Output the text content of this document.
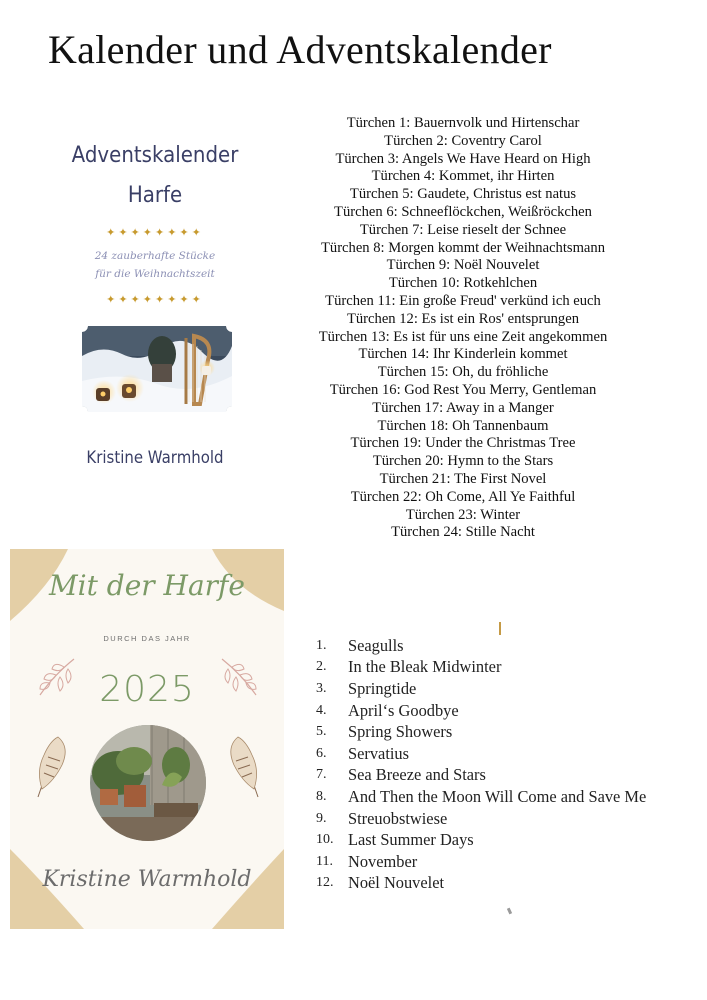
Kalender und Adventskalender
Adventskalender
Harfe
✦✦✦✦✦✦✦✦
24 zauberhafte Stücke
für die Weihnachtszeit
✦✦✦✦✦✦✦✦
Kristine Warmhold
Türchen 1: Bauernvolk und Hirtenschar
Türchen 2: Coventry Carol
Türchen 3: Angels We Have Heard on High
Türchen 4: Kommet, ihr Hirten
Türchen 5: Gaudete, Christus est natus
Türchen 6: Schneeflöckchen, Weißröckchen
Türchen 7: Leise rieselt der Schnee
Türchen 8: Morgen kommt der Weihnachtsmann
Türchen 9: Noël Nouvelet
Türchen 10: Rotkehlchen
Türchen 11: Ein große Freud' verkünd ich euch
Türchen 12: Es ist ein Ros' entsprungen
Türchen 13: Es ist für uns eine Zeit angekommen
Türchen 14: Ihr Kinderlein kommet
Türchen 15: Oh, du fröhliche
Türchen 16: God Rest You Merry, Gentleman
Türchen 17: Away in a Manger
Türchen 18: Oh Tannenbaum
Türchen 19: Under the Christmas Tree
Türchen 20: Hymn to the Stars
Türchen 21: The First Novel
Türchen 22: Oh Come, All Ye Faithful
Türchen 23: Winter
Türchen 24: Stille Nacht
Mit der Harfe
DURCH DAS JAHR
2025
Kristine Warmhold
1.	Seagulls
2.	In the Bleak Midwinter
3.	Springtide
4.	April‘s Goodbye
5.	Spring Showers
6.	Servatius
7.	Sea Breeze and Stars
8.	And Then the Moon Will Come and Save Me
9.	Streuobstwiese
10. Last Summer Days
11. November
12. Noël Nouvelet
